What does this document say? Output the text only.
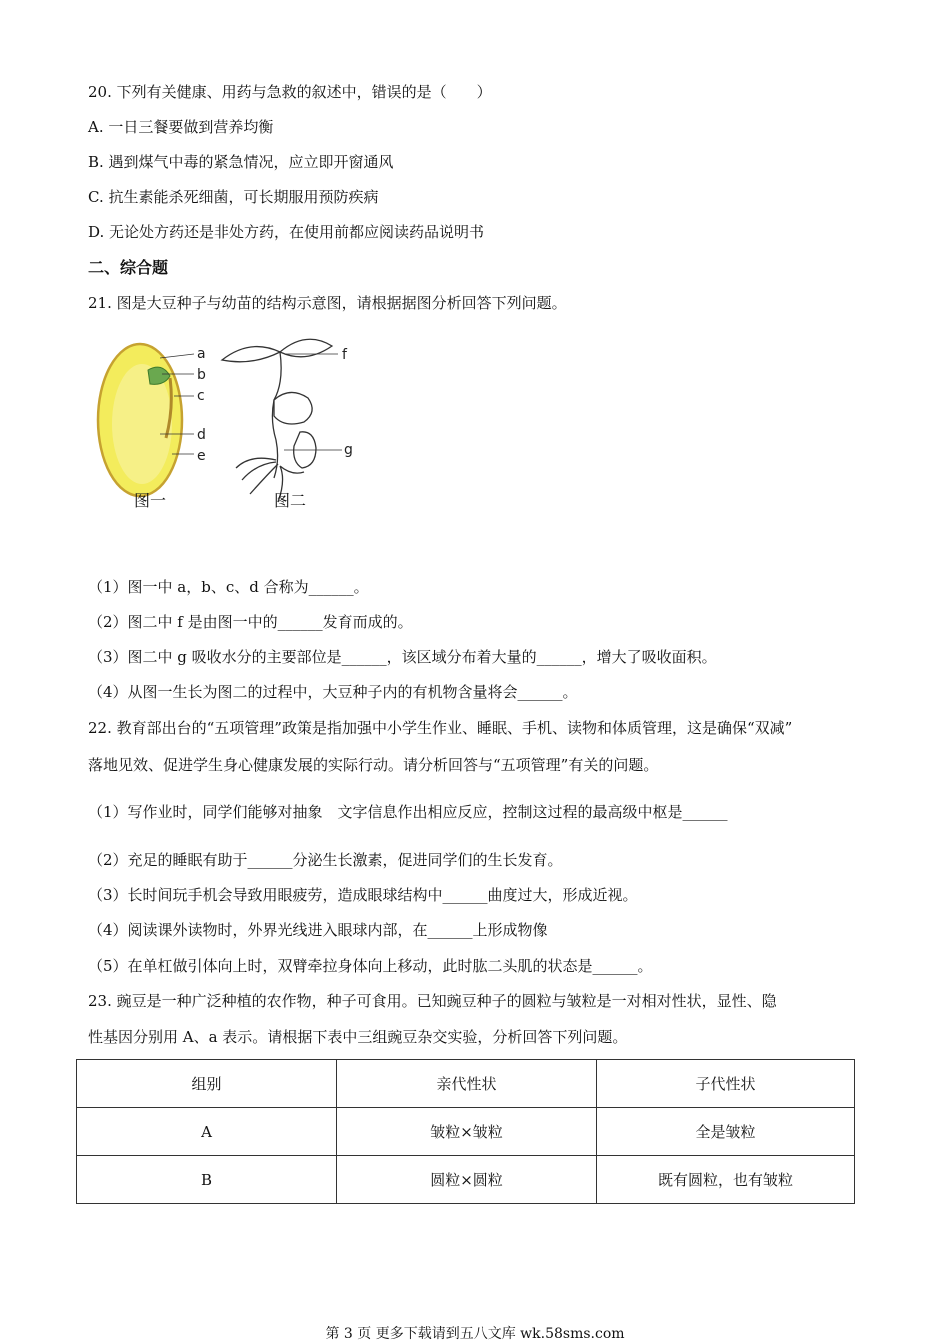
20. 下列有关健康、用药与急救的叙述中，错误的是（　　）
A. 一日三餐要做到营养均衡
B. 遇到煤气中毒的紧急情况，应立即开窗通风
C. 抗生素能杀死细菌，可长期服用预防疾病
D. 无论处方药还是非处方药，在使用前都应阅读药品说明书
二、综合题
21. 图是大豆种子与幼苗的结构示意图，请根据据图分析回答下列问题。
a
b
c
d
e
f
g
图一	图二
（1）图一中 a，b、c、d 合称为______。
（2）图二中 f 是由图一中的______发育而成的。
（3）图二中 g 吸收水分的主要部位是______，该区域分布着大量的______，增大了吸收面积。
（4）从图一生长为图二的过程中，大豆种子内的有机物含量将会______。
22. 教育部出台的“五项管理”政策是指加强中小学生作业、睡眠、手机、读物和体质管理，这是确保“双减”
落地见效、促进学生身心健康发展的实际行动。请分析回答与“五项管理”有关的问题。
（1）写作业时，同学们能够对抽象　文字信息作出相应反应，控制这过程的最高级中枢是______
（2）充足的睡眠有助于______分泌生长激素，促进同学们的生长发育。
（3）长时间玩手机会导致用眼疲劳，造成眼球结构中______曲度过大，形成近视。
（4）阅读课外读物时，外界光线进入眼球内部，在______上形成物像
（5）在单杠做引体向上时，双臂牵拉身体向上移动，此时肱二头肌的状态是______。
23. 豌豆是一种广泛种植的农作物，种子可食用。已知豌豆种子的圆粒与皱粒是一对相对性状，显性、隐
性基因分别用 A、a 表示。请根据下表中三组豌豆杂交实验，分析回答下列问题。
组别	亲代性状	子代性状
A	皱粒×皱粒	全是皱粒
B	圆粒×圆粒	既有圆粒，也有皱粒
第 3 页 更多下载请到五八文库 wk.58sms.com
